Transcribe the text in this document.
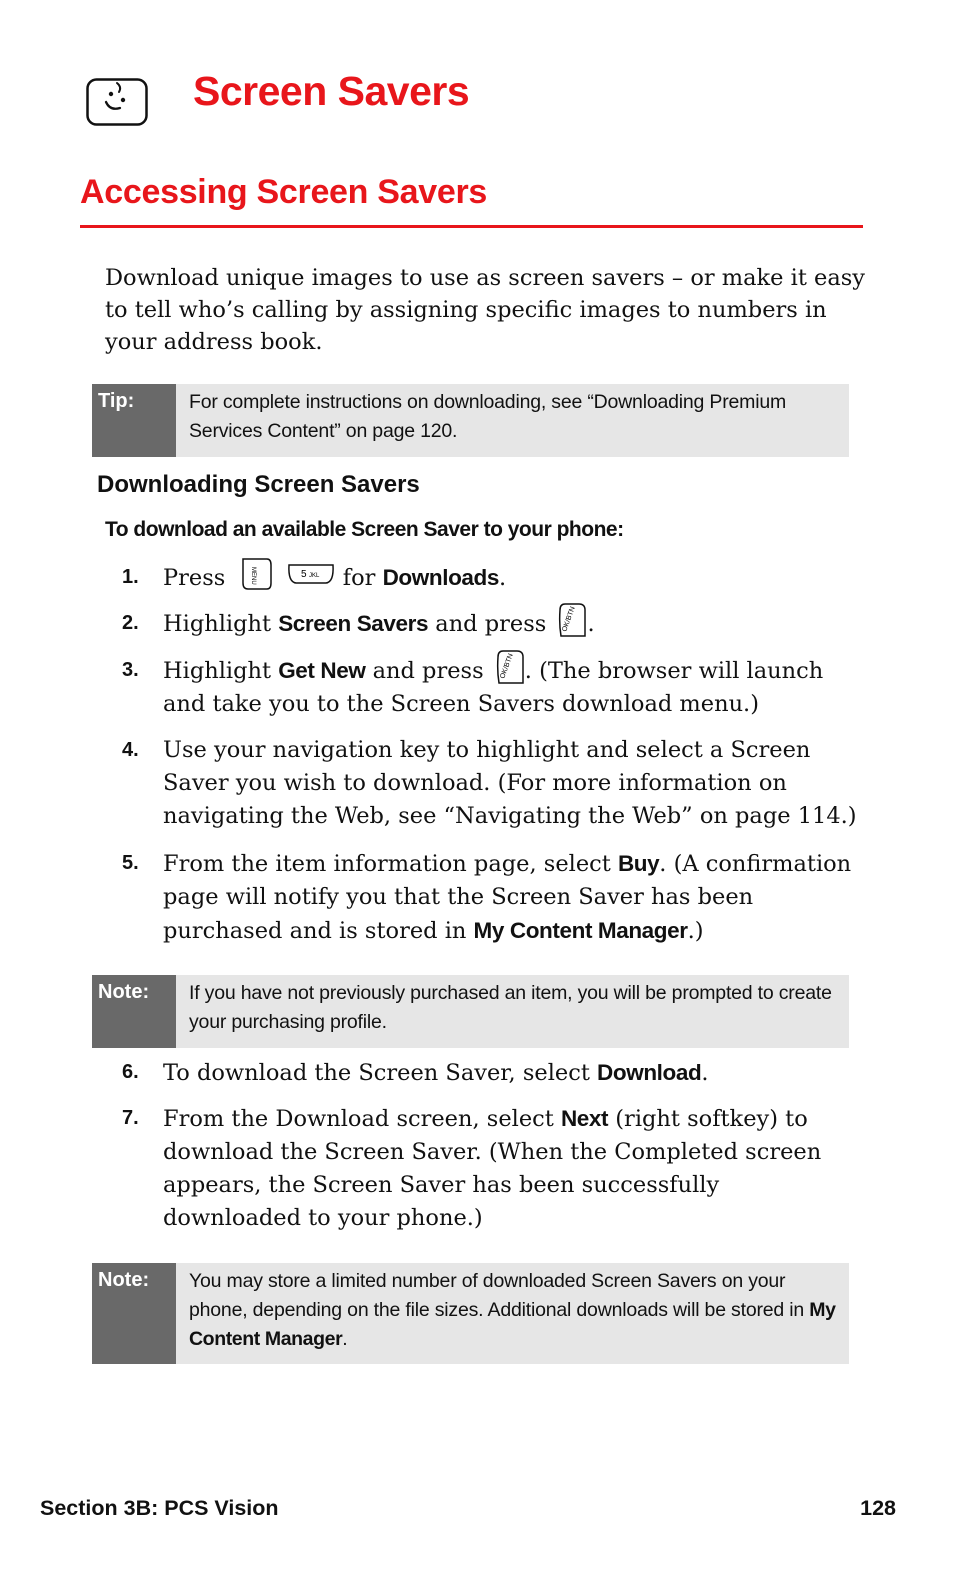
Screen Savers
Accessing Screen Savers
Download unique images to use as screen savers – or make it easy to tell who’s calling by assigning specific images to numbers in your address book.
Tip:	For complete instructions on downloading, see “Downloading Premium Services Content” on page 120.
Downloading Screen Savers
To download an available Screen Saver to your phone:
1. Press	MENU
	5 JKL for Downloads.
2. Highlight Screen Savers and press OK/BTN .
3. Highlight Get New and press OK/BTN . (The browser will launch and take you to the Screen Savers download menu.)
4. Use your navigation key to highlight and select a Screen Saver you wish to download. (For more information on navigating the Web, see “Navigating the Web” on page 114.)
5. From the item information page, select Buy. (A confirmation page will notify you that the Screen Saver has been purchased and is stored in My Content Manager.)
Note:	If you have not previously purchased an item, you will be prompted to create your purchasing profile.
6. To download the Screen Saver, select Download.
7. From the Download screen, select Next (right softkey) to download the Screen Saver. (When the Completed screen appears, the Screen Saver has been successfully downloaded to your phone.)
Note:	You may store a limited number of downloaded Screen Savers on your phone, depending on the file sizes. Additional downloads will be stored in My Content Manager.
Section 3B: PCS Vision	128
